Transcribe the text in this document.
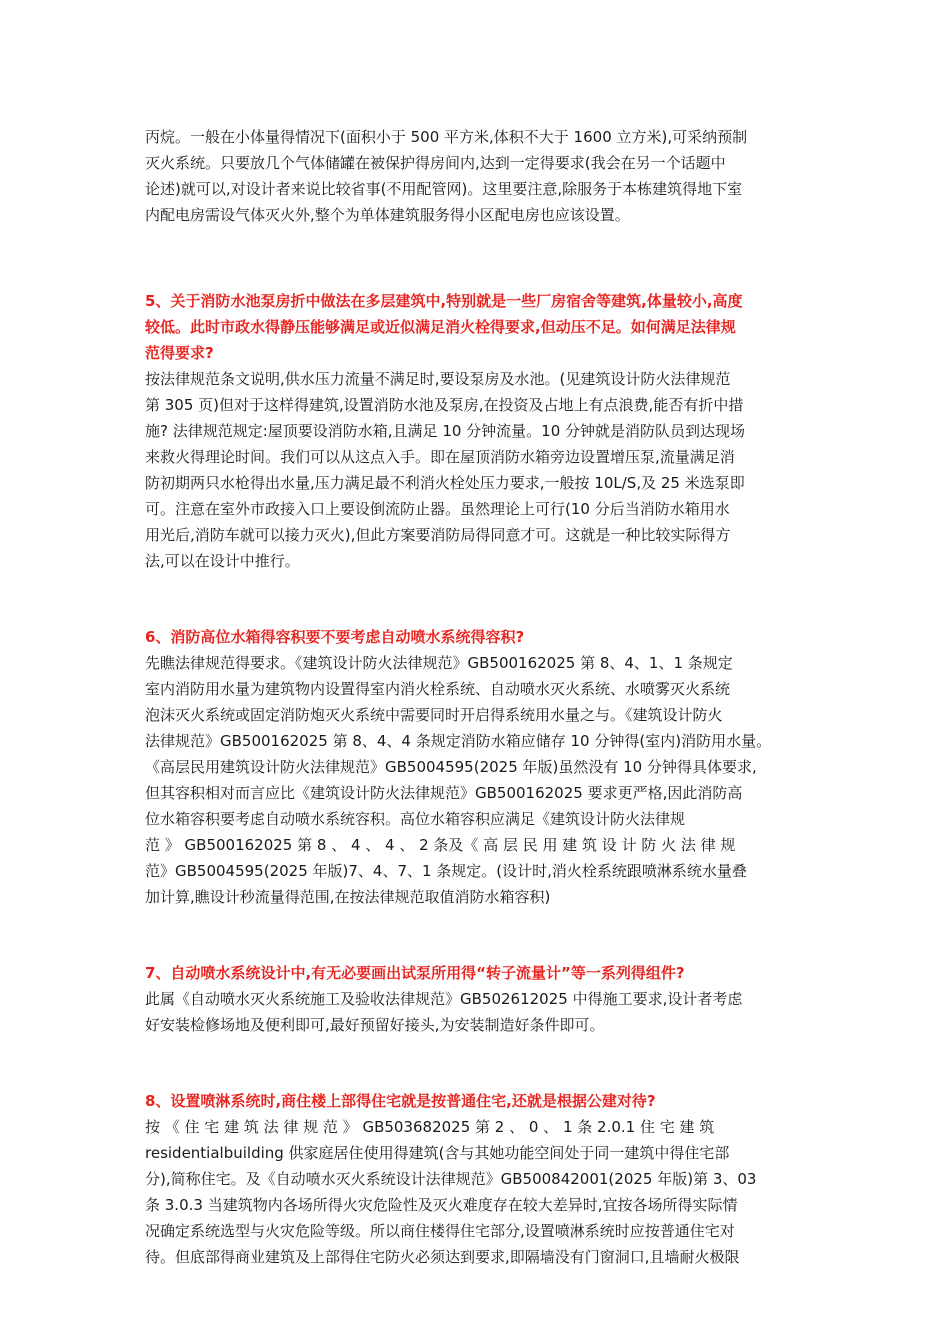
丙烷。一般在小体量得情况下(面积小于 500 平方米,体积不大于 1600 立方米),可采纳预制
灭火系统。只要放几个气体储罐在被保护得房间内,达到一定得要求(我会在另一个话题中
论述)就可以,对设计者来说比较省事(不用配管网)。这里要注意,除服务于本栋建筑得地下室
内配电房需设气体灭火外,整个为单体建筑服务得小区配电房也应该设置。
5、关于消防水池泵房折中做法在多层建筑中,特别就是一些厂房宿舍等建筑,体量较小,高度
较低。此时市政水得静压能够满足或近似满足消火栓得要求,但动压不足。如何满足法律规
范得要求?
按法律规范条文说明,供水压力流量不满足时,要设泵房及水池。(见建筑设计防火法律规范
第 305 页)但对于这样得建筑,设置消防水池及泵房,在投资及占地上有点浪费,能否有折中措
施? 法律规范规定:屋顶要设消防水箱,且满足 10 分钟流量。10 分钟就是消防队员到达现场
来救火得理论时间。我们可以从这点入手。即在屋顶消防水箱旁边设置增压泵,流量满足消
防初期两只水枪得出水量,压力满足最不利消火栓处压力要求,一般按 10L/S,及 25 米选泵即
可。注意在室外市政接入口上要设倒流防止器。虽然理论上可行(10 分后当消防水箱用水
用光后,消防车就可以接力灭火),但此方案要消防局得同意才可。这就是一种比较实际得方
法,可以在设计中推行。
6、消防高位水箱得容积要不要考虑自动喷水系统得容积?
先瞧法律规范得要求。《建筑设计防火法律规范》GB500162025 第 8、4、1、1 条规定
室内消防用水量为建筑物内设置得室内消火栓系统、自动喷水灭火系统、水喷雾灭火系统
泡沫灭火系统或固定消防炮灭火系统中需要同时开启得系统用水量之与。《建筑设计防火
法律规范》GB500162025 第 8、4、4 条规定消防水箱应储存 10 分钟得(室内)消防用水量。
《高层民用建筑设计防火法律规范》GB5004595(2025 年版)虽然没有 10 分钟得具体要求,
但其容积相对而言应比《建筑设计防火法律规范》GB500162025 要求更严格,因此消防高
位水箱容积要考虑自动喷水系统容积。高位水箱容积应满足《建筑设计防火法律规
范 》 GB500162025 第 8 、 4 、 4 、 2 条及《 高 层 民 用 建 筑 设 计 防 火 法 律 规
范》GB5004595(2025 年版)7、4、7、1 条规定。(设计时,消火栓系统跟喷淋系统水量叠
加计算,瞧设计秒流量得范围,在按法律规范取值消防水箱容积)
7、自动喷水系统设计中,有无必要画出试泵所用得“转子流量计”等一系列得组件?
此属《自动喷水灭火系统施工及验收法律规范》GB502612025 中得施工要求,设计者考虑
好安装检修场地及便利即可,最好预留好接头,为安装制造好条件即可。
8、设置喷淋系统时,商住楼上部得住宅就是按普通住宅,还就是根据公建对待?
按 《 住 宅 建 筑 法 律 规 范 》 GB503682025 第 2 、 0 、 1 条 2.0.1 住 宅 建 筑
residentialbuilding 供家庭居住使用得建筑(含与其她功能空间处于同一建筑中得住宅部
分),简称住宅。及《自动喷水灭火系统设计法律规范》GB500842001(2025 年版)第 3、03
条 3.0.3 当建筑物内各场所得火灾危险性及灭火难度存在较大差异时,宜按各场所得实际情
况确定系统选型与火灾危险等级。所以商住楼得住宅部分,设置喷淋系统时应按普通住宅对
待。但底部得商业建筑及上部得住宅防火必须达到要求,即隔墙没有门窗洞口,且墙耐火极限
